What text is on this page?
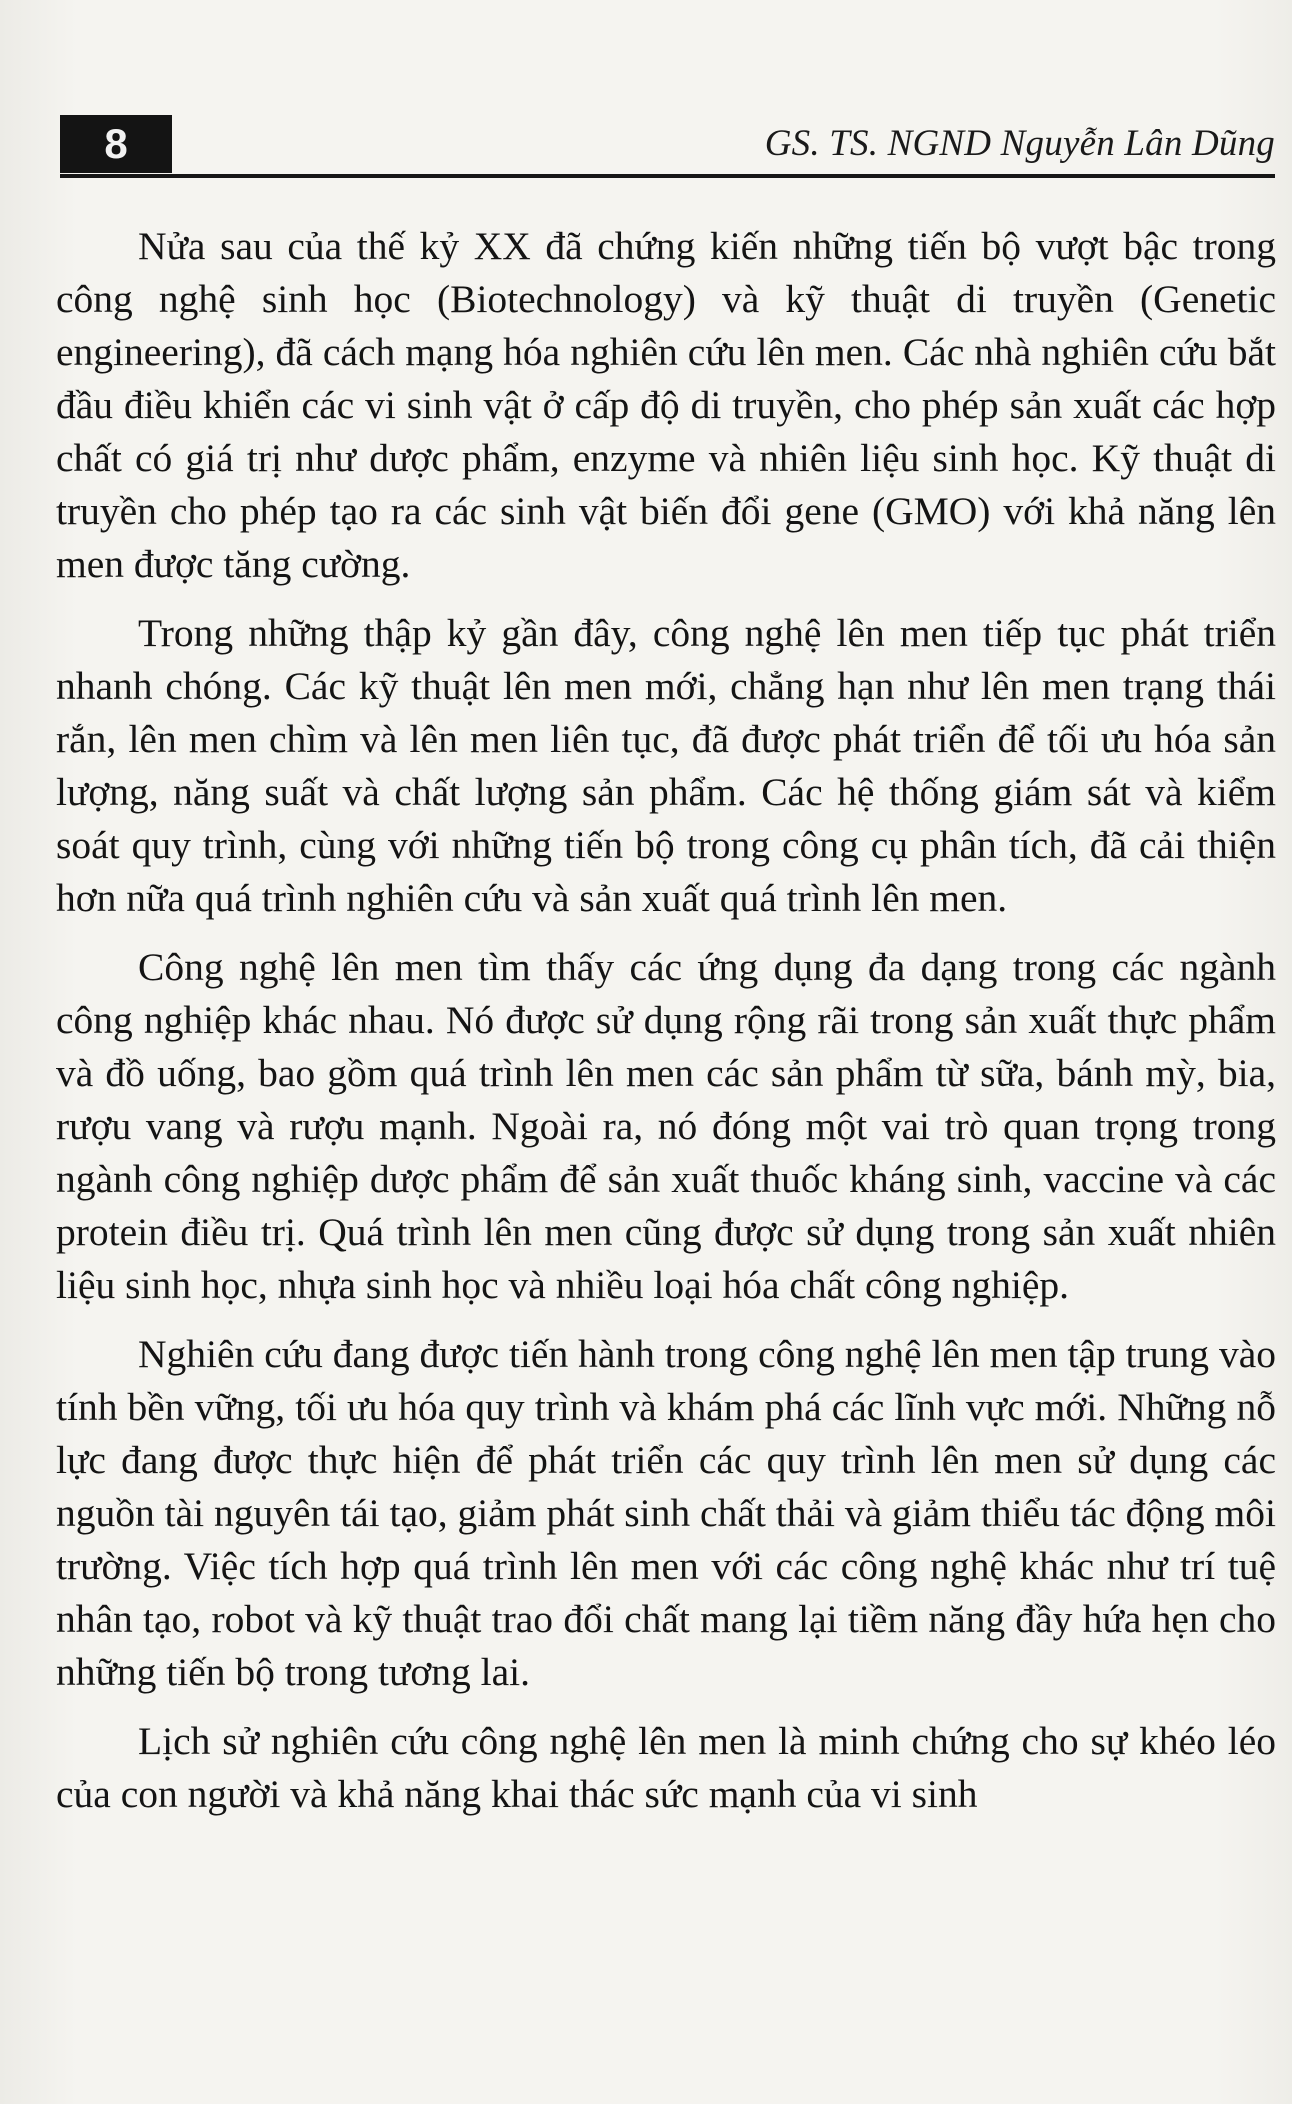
8	GS. TS. NGND Nguyễn Lân Dũng

Nửa sau của thế kỷ XX đã chứng kiến những tiến bộ vượt bậc trong công nghệ sinh học (Biotechnology) và kỹ thuật di truyền (Genetic engineering), đã cách mạng hóa nghiên cứu lên men. Các nhà nghiên cứu bắt đầu điều khiển các vi sinh vật ở cấp độ di truyền, cho phép sản xuất các hợp chất có giá trị như dược phẩm, enzyme và nhiên liệu sinh học. Kỹ thuật di truyền cho phép tạo ra các sinh vật biến đổi gene (GMO) với khả năng lên men được tăng cường.

Trong những thập kỷ gần đây, công nghệ lên men tiếp tục phát triển nhanh chóng. Các kỹ thuật lên men mới, chẳng hạn như lên men trạng thái rắn, lên men chìm và lên men liên tục, đã được phát triển để tối ưu hóa sản lượng, năng suất và chất lượng sản phẩm. Các hệ thống giám sát và kiểm soát quy trình, cùng với những tiến bộ trong công cụ phân tích, đã cải thiện hơn nữa quá trình nghiên cứu và sản xuất quá trình lên men.

Công nghệ lên men tìm thấy các ứng dụng đa dạng trong các ngành công nghiệp khác nhau. Nó được sử dụng rộng rãi trong sản xuất thực phẩm và đồ uống, bao gồm quá trình lên men các sản phẩm từ sữa, bánh mỳ, bia, rượu vang và rượu mạnh. Ngoài ra, nó đóng một vai trò quan trọng trong ngành công nghiệp dược phẩm để sản xuất thuốc kháng sinh, vaccine và các protein điều trị. Quá trình lên men cũng được sử dụng trong sản xuất nhiên liệu sinh học, nhựa sinh học và nhiều loại hóa chất công nghiệp.

Nghiên cứu đang được tiến hành trong công nghệ lên men tập trung vào tính bền vững, tối ưu hóa quy trình và khám phá các lĩnh vực mới. Những nỗ lực đang được thực hiện để phát triển các quy trình lên men sử dụng các nguồn tài nguyên tái tạo, giảm phát sinh chất thải và giảm thiểu tác động môi trường. Việc tích hợp quá trình lên men với các công nghệ khác như trí tuệ nhân tạo, robot và kỹ thuật trao đổi chất mang lại tiềm năng đầy hứa hẹn cho những tiến bộ trong tương lai.

Lịch sử nghiên cứu công nghệ lên men là minh chứng cho sự khéo léo của con người và khả năng khai thác sức mạnh của vi sinh
